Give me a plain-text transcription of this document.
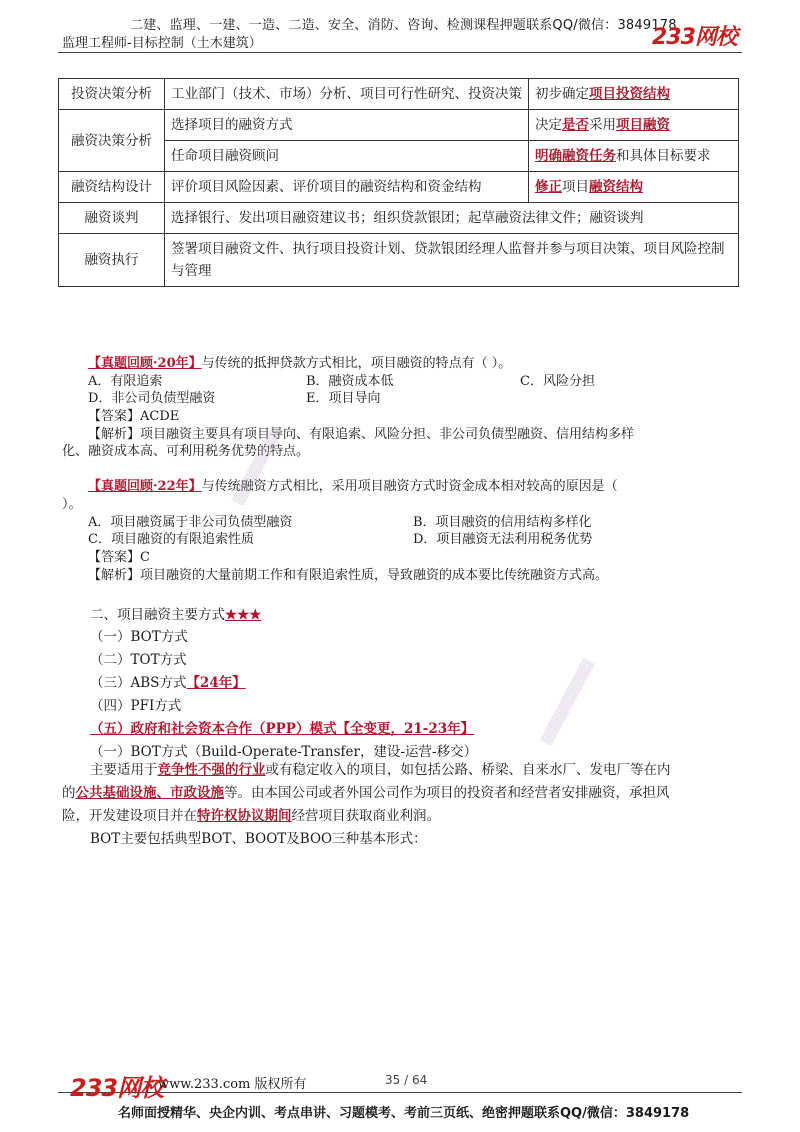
二建、监理、一建、一造、二造、安全、消防、咨询、检测课程押题联系QQ/微信：3849178
监理工程师-目标控制（土木建筑）	233网校
投资决策分析	工业部门（技术、市场）分析、项目可行性研究、投资决策	初步确定项目投资结构
融资决策分析	选择项目的融资方式	决定是否采用项目融资
	任命项目融资顾问	明确融资任务和具体目标要求
融资结构设计	评价项目风险因素、评价项目的融资结构和资金结构	修正项目融资结构
融资谈判	选择银行、发出项目融资建议书；组织贷款银团；起草融资法律文件；融资谈判	
融资执行	签署项目融资文件、执行项目投资计划、贷款银团经理人监督并参与项目决策、项目风险控制与管理	
【真题回顾·20年】与传统的抵押贷款方式相比，项目融资的特点有（ ）。
A．有限追索	B．融资成本低	C．风险分担
D．非公司负债型融资	E．项目导向
【答案】ACDE
【解析】项目融资主要具有项目导向、有限追索、风险分担、非公司负债型融资、信用结构多样
化、融资成本高、可利用税务优势的特点。
【真题回顾·22年】与传统融资方式相比，采用项目融资方式时资金成本相对较高的原因是（
）。
A．项目融资属于非公司负债型融资	B．项目融资的信用结构多样化
C．项目融资的有限追索性质	D．项目融资无法利用税务优势
【答案】C
【解析】项目融资的大量前期工作和有限追索性质，导致融资的成本要比传统融资方式高。
二、项目融资主要方式★★★
（一）BOT方式
（二）TOT方式
（三）ABS方式【24年】
（四）PFI方式
（五）政府和社会资本合作（PPP）模式【全变更，21-23年】
（一）BOT方式（Build-Operate-Transfer，建设-运营-移交）
主要适用于竞争性不强的行业或有稳定收入的项目，如包括公路、桥梁、自来水厂、发电厂等在内
的公共基础设施、市政设施等。由本国公司或者外国公司作为项目的投资者和经营者安排融资，承担风
险，开发建设项目并在特许权协议期间经营项目获取商业利润。
BOT主要包括典型BOT、BOOT及BOO三种基本形式：
▒▒▒▒▒▒▒▒▒▒
▒▒▒▒▒▒▒▒▒▒▒
233网校
www.233.com 版权所有	35 / 64
名师面授精华、央企内训、考点串讲、习题模考、考前三页纸、绝密押题联系QQ/微信：3849178
